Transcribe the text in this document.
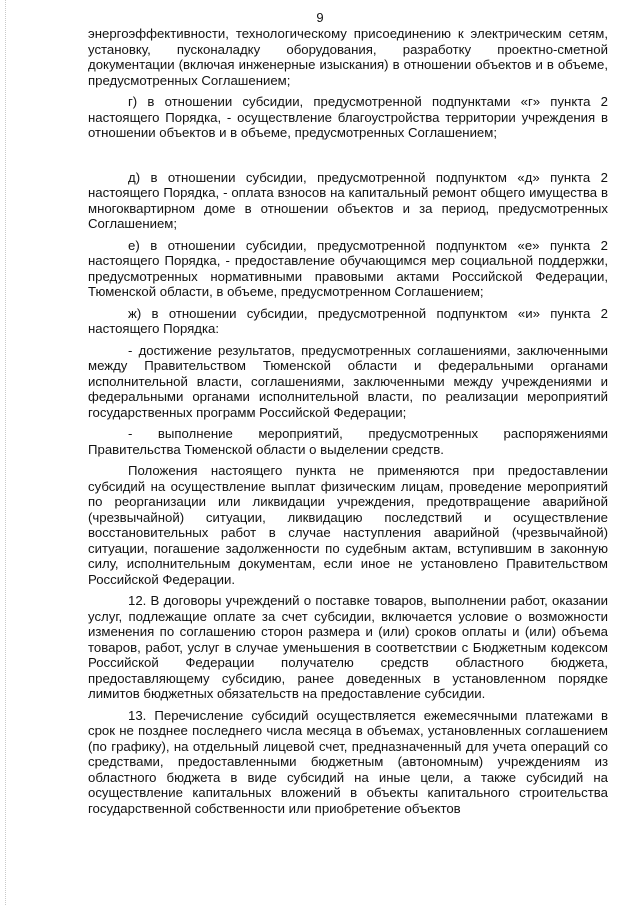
9

энергоэффективности, технологическому присоединению к электрическим сетям, установку, пусконаладку оборудования, разработку проектно-сметной документации (включая инженерные изыскания) в отношении объектов и в объеме, предусмотренных Соглашением;

г) в отношении субсидии, предусмотренной подпунктами «г» пункта 2 настоящего Порядка, - осуществление благоустройства территории учреждения в отношении объектов и в объеме, предусмотренных Соглашением;

д) в отношении субсидии, предусмотренной подпунктом «д» пункта 2 настоящего Порядка, - оплата взносов на капитальный ремонт общего имущества в многоквартирном доме в отношении объектов и за период, предусмотренных Соглашением;

е) в отношении субсидии, предусмотренной подпунктом «е» пункта 2 настоящего Порядка, - предоставление обучающимся мер социальной поддержки, предусмотренных нормативными правовыми актами Российской Федерации, Тюменской области, в объеме, предусмотренном Соглашением;

ж) в отношении субсидии, предусмотренной подпунктом «и» пункта 2 настоящего Порядка:

- достижение результатов, предусмотренных соглашениями, заключенными между Правительством Тюменской области и федеральными органами исполнительной власти, соглашениями, заключенными между учреждениями и федеральными органами исполнительной власти, по реализации мероприятий государственных программ Российской Федерации;

- выполнение мероприятий, предусмотренных распоряжениями Правительства Тюменской области о выделении средств.

Положения настоящего пункта не применяются при предоставлении субсидий на осуществление выплат физическим лицам, проведение мероприятий по реорганизации или ликвидации учреждения, предотвращение аварийной (чрезвычайной) ситуации, ликвидацию последствий и осуществление восстановительных работ в случае наступления аварийной (чрезвычайной) ситуации, погашение задолженности по судебным актам, вступившим в законную силу, исполнительным документам, если иное не установлено Правительством Российской Федерации.

12. В договоры учреждений о поставке товаров, выполнении работ, оказании услуг, подлежащие оплате за счет субсидии, включается условие о возможности изменения по соглашению сторон размера и (или) сроков оплаты и (или) объема товаров, работ, услуг в случае уменьшения в соответствии с Бюджетным кодексом Российской Федерации получателю средств областного бюджета, предоставляющему субсидию, ранее доведенных в установленном порядке лимитов бюджетных обязательств на предоставление субсидии.

13. Перечисление субсидий осуществляется ежемесячными платежами в срок не позднее последнего числа месяца в объемах, установленных соглашением (по графику), на отдельный лицевой счет, предназначенный для учета операций со средствами, предоставленными бюджетным (автономным) учреждениям из областного бюджета в виде субсидий на иные цели, а также субсидий на осуществление капитальных вложений в объекты капитального строительства государственной собственности или приобретение объектов
